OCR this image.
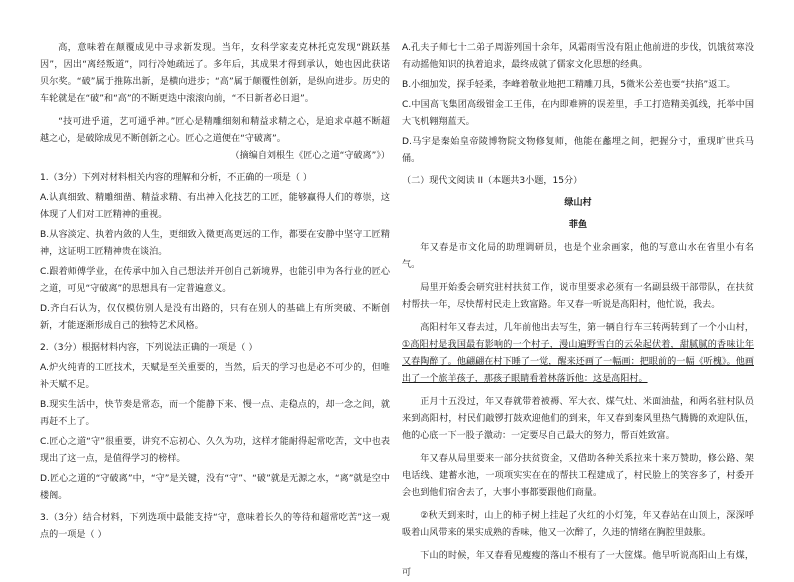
高，意味着在颠覆成见中寻求新发现。当年，女科学家麦克林托克发现“跳跃基因”，因出“离经叛道”，同行冷她疏远了。多年后，其成果才得到承认，她也因此获诺贝尔奖。“破”属于推陈出新，是横向进步；“高”属于颠覆性创新，是纵向进步。历史的车轮就是在“破”和“高”的不断更迭中滚滚向前，“不日新者必日退”。

“技可进乎道，艺可通乎神。”匠心是精雕细刻和精益求精之心，是追求卓越不断超越之心，是破除成见不断创新之心。匠心之道便在“守破离”。

（摘编自刘根生《匠心之道“守破离”》）

1.（3分）下列对材料相关内容的理解和分析，不正确的一项是（ ）

A.认真细致、精雕细凿、精益求精、有出神入化技艺的工匠，能够赢得人们的尊崇，这体现了人们对工匠精神的重视。

B.从容淡定、执着内敛的人生，更细致入微更高更远的工作，都要在安静中坚守工匠精神，这证明工匠精神贵在谈泊。

C.跟着师傅学业，在传承中加入自己想法并开创自己新境界，也能引申为各行业的匠心之道，可见“守破离”的思想具有一定普遍意义。

D.齐白石认为，仅仅模仿别人是没有出路的，只有在别人的基础上有所突破、不断创新，才能逐渐形成自己的独特艺术风格。

2.（3分）根据材料内容，下列说法正确的一项是（ ）

A.炉火纯青的工匠技术，天赋是至关重要的，当然，后天的学习也是必不可少的，但唯补天赋不足。

B.现实生活中，快节奏是常态，而一个能静下来、慢一点、走稳点的，却一念之间，就再赶不上了。

C.匠心之道“守”很重要，讲究不忘初心、久久为功，这样才能耐得起常吃苦，文中也表现出了这一点，是值得学习的榜样。

D.匠心之道的“守破离”中，“守”是关键，没有“守”、“破”就是无源之水，“离”就是空中楼阁。

3.（3分）结合材料，下列选项中最能支持“守，意味着长久的等待和超常吃苦”这一观点的一项是（ ）

A.孔夫子师七十二弟子周游列国十余年，风霜雨雪没有阻止他前进的步伐，饥饿贫寒没有动摇他知识的执着追求，最终成就了儒家文化思想的经典。

B.小细加发，探手轻柔，李峰着敬业地把工精雕刀具，5微米公差也要“扶掐”返工。

C.中国高飞集团高级钳金工王伟，在内即难辨的误差里，手工打造精美弧线，托举中国大飞机翱翔蓝天。

D.马宇是秦始皇帝陵博物院文物修复师，他能在蠡埋之间，把握分寸，重现旷世兵马俑。

（二）现代文阅读 II（本题共3小题，15分）

绿山村

菲鱼

年又春是市文化局的助理调研员，也是个业余画家，他的写意山水在省里小有名气。

局里开始委会研究驻村扶贫工作，说市里要求必须有一名副县级干部带队，在扶贫村帮扶一年，尽快帮村民走上致富路。年又春一听说是高阳村，他忙说，我去。

高阳村年又春去过，几年前他出去写生，第一辆自行车三转两转到了一个小山村，①高阳村是我国最有影响的一个村子，漫山遍野雪白的云朵起伏着，甜腻腻的香味让年又春陶醉了。他翩翩在村下睡了一觉，醒来还画了一幅画：把眼前的一幅《听槐》。他画出了一个旅羊孩子，那孩子眼睛看着林落诉他：这是高阳村。

正月十五没过，年又春就带着被褥、军大衣、煤气灶、米面油盐，和两名驻村队员来到高阳村，村民们敲锣打鼓欢迎他们的到来，年又春到秦风里热气腾腾的欢迎队伍，他的心底一下一股子激动：一定要尽自己最大的努力，帮百姓致富。

年又春从局里要来一部分扶贫资金，又借助各种关系拉来十来万赞助，修公路、架电话线、建蓄水池，一项项实实在在的帮扶工程建成了，村民脸上的笑容多了，村委开会也到他们宿舍去了，大事小事都要跟他们商量。

②秋天到来时，山上的柿子树上挂起了火红的小灯笼，年又春站在山顶上，深深呼吸着山风带来的果实成熟的香味，他又一次醉了，久违的情绪在胸腔里鼓胀。

下山的时候，年又春看见瘦瘦的落山不根有了一大筐煤。他早听说高阳山上有煤，可
